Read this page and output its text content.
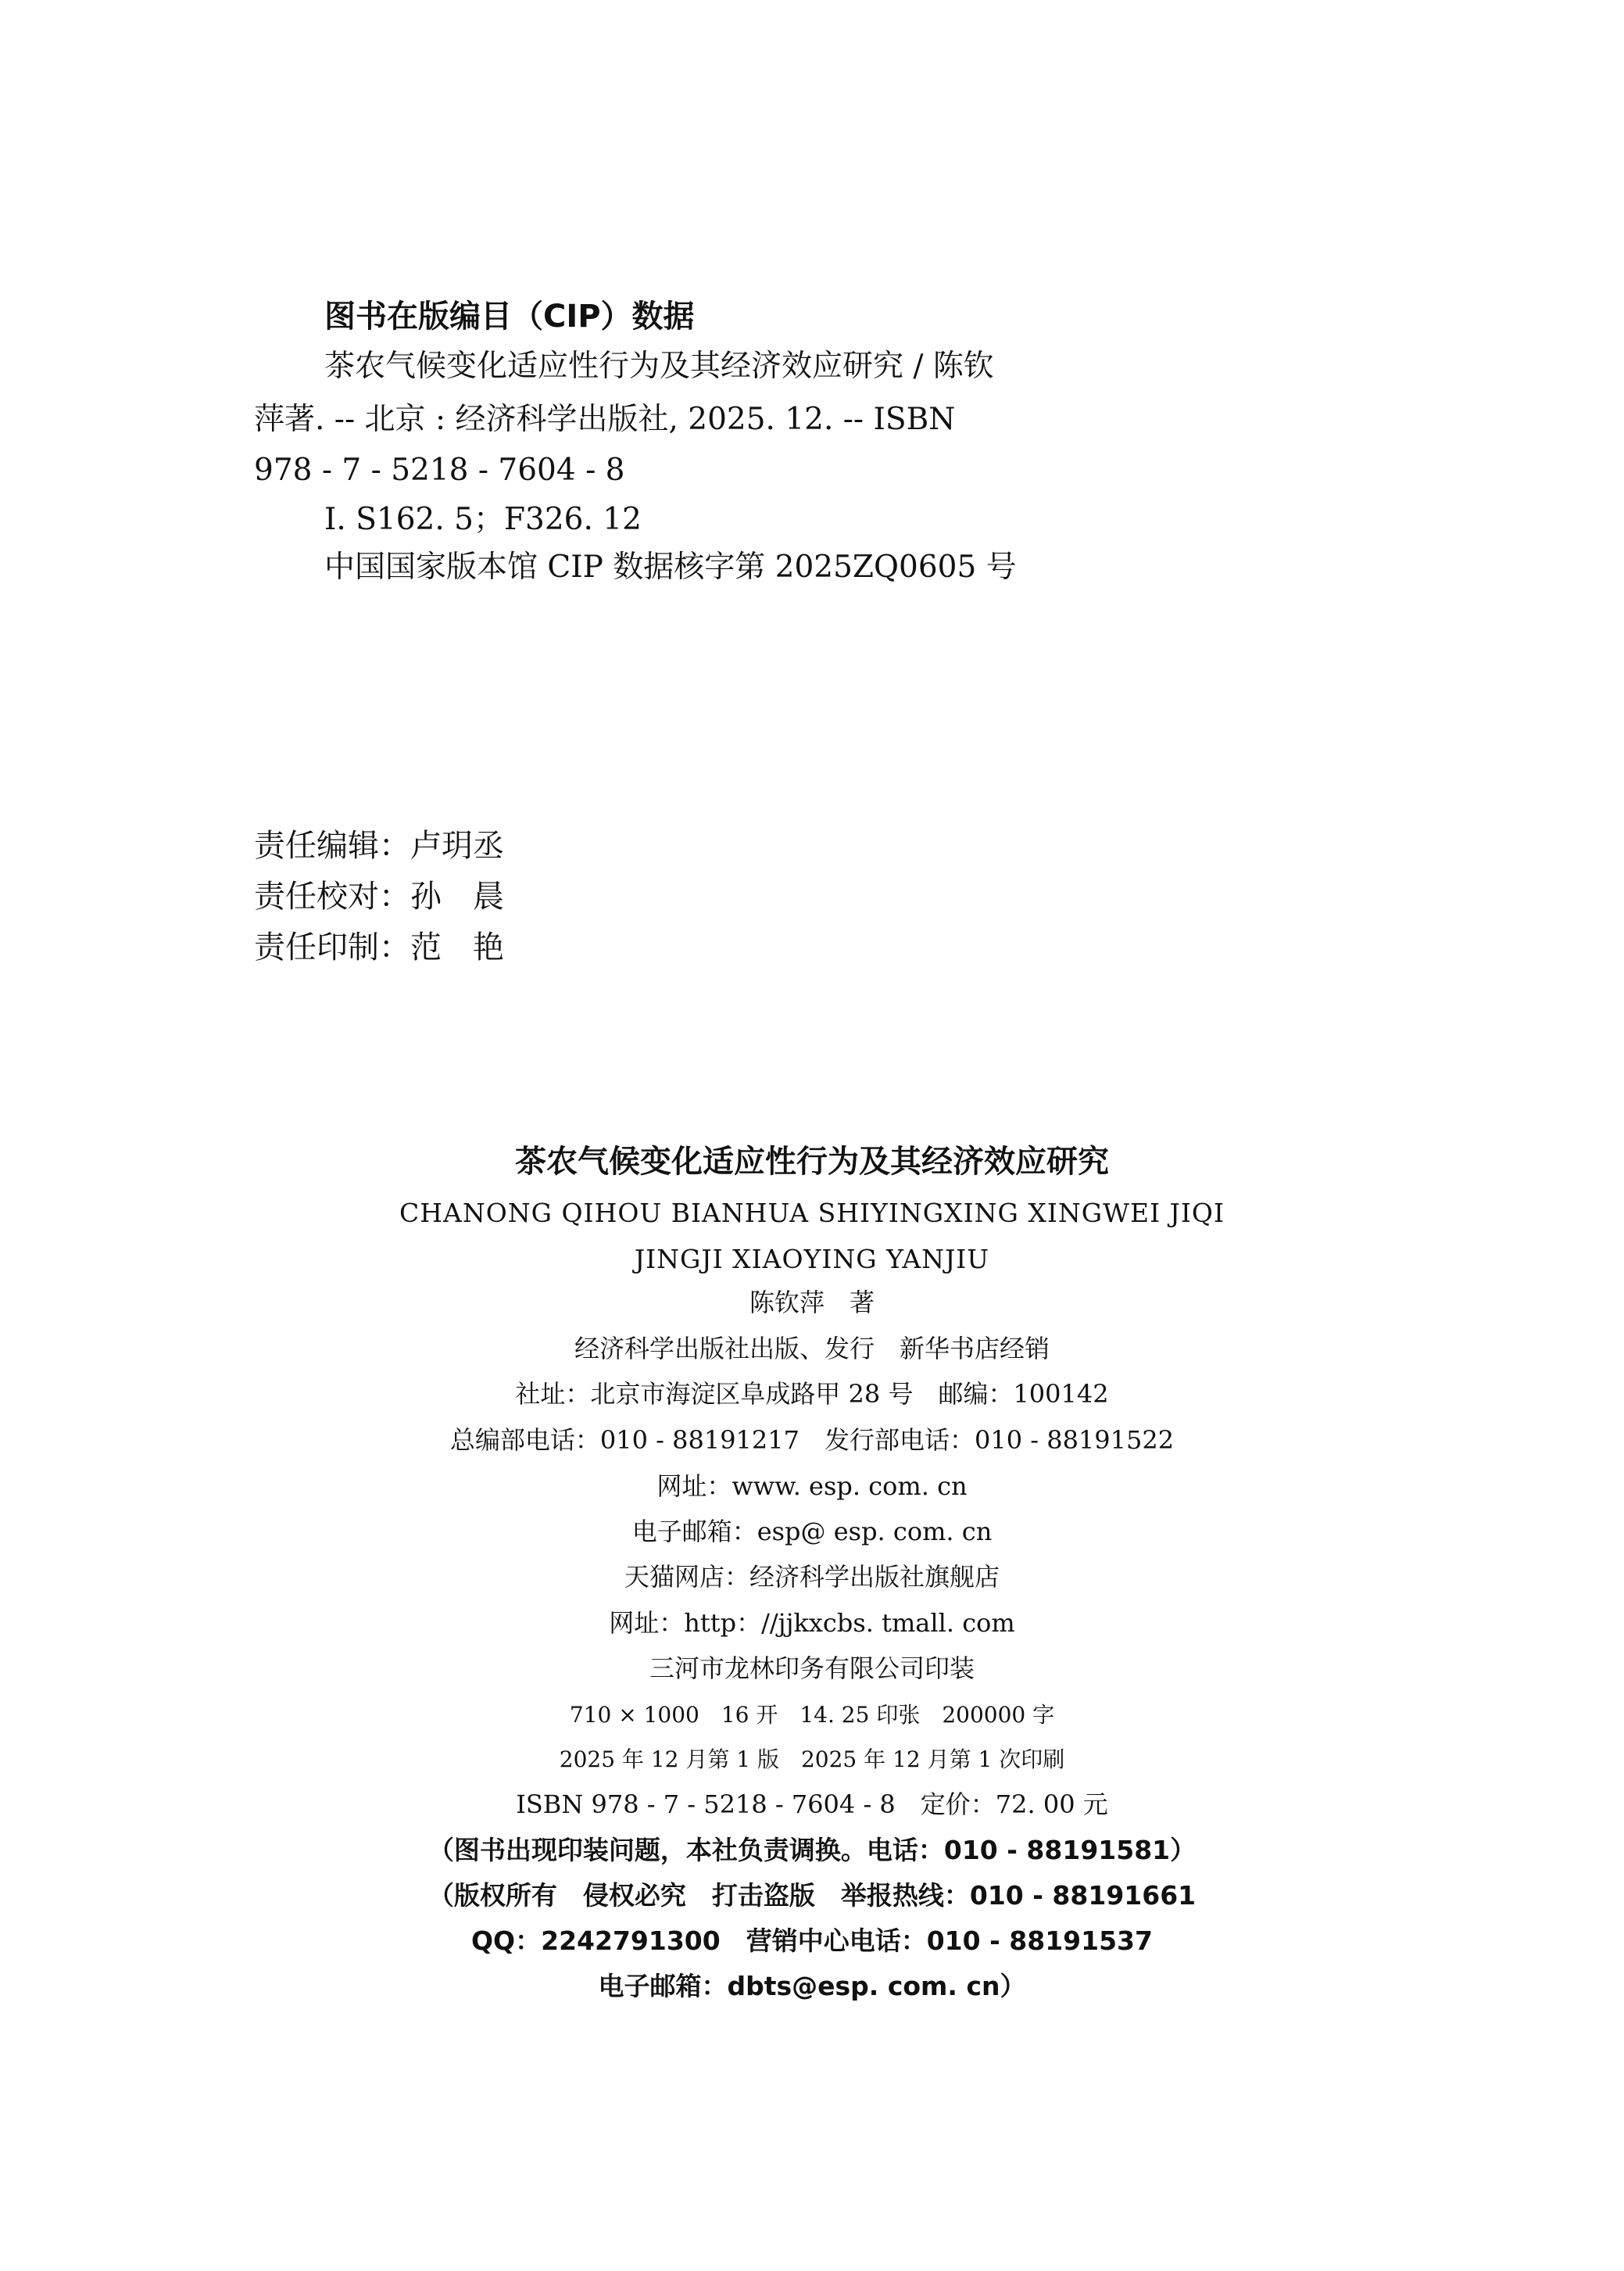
图书在版编目（CIP）数据
茶农气候变化适应性行为及其经济效应研究 / 陈钦
萍著. -- 北京 : 经济科学出版社, 2025. 12. -- ISBN
978 - 7 - 5218 - 7604 - 8
Ⅰ. S162. 5；F326. 12
中国国家版本馆 CIP 数据核字第 2025ZQ0605 号
责任编辑：卢玥丞
责任校对：孙　晨
责任印制：范　艳
茶农气候变化适应性行为及其经济效应研究
CHANONG QIHOU BIANHUA SHIYINGXING XINGWEI JIQI
JINGJI XIAOYING YANJIU
陈钦萍　著
经济科学出版社出版、发行　新华书店经销
社址：北京市海淀区阜成路甲 28 号　邮编：100142
总编部电话：010 - 88191217　发行部电话：010 - 88191522
网址：www. esp. com. cn
电子邮箱：esp@ esp. com. cn
天猫网店：经济科学出版社旗舰店
网址：http：//jjkxcbs. tmall. com
三河市龙林印务有限公司印装
710 × 1000　16 开　14. 25 印张　200000 字
2025 年 12 月第 1 版　2025 年 12 月第 1 次印刷
ISBN 978 - 7 - 5218 - 7604 - 8　定价：72. 00 元
（图书出现印装问题，本社负责调换。电话：010 - 88191581）
（版权所有　侵权必究　打击盗版　举报热线：010 - 88191661
QQ：2242791300　营销中心电话：010 - 88191537
电子邮箱：dbts@esp. com. cn）
